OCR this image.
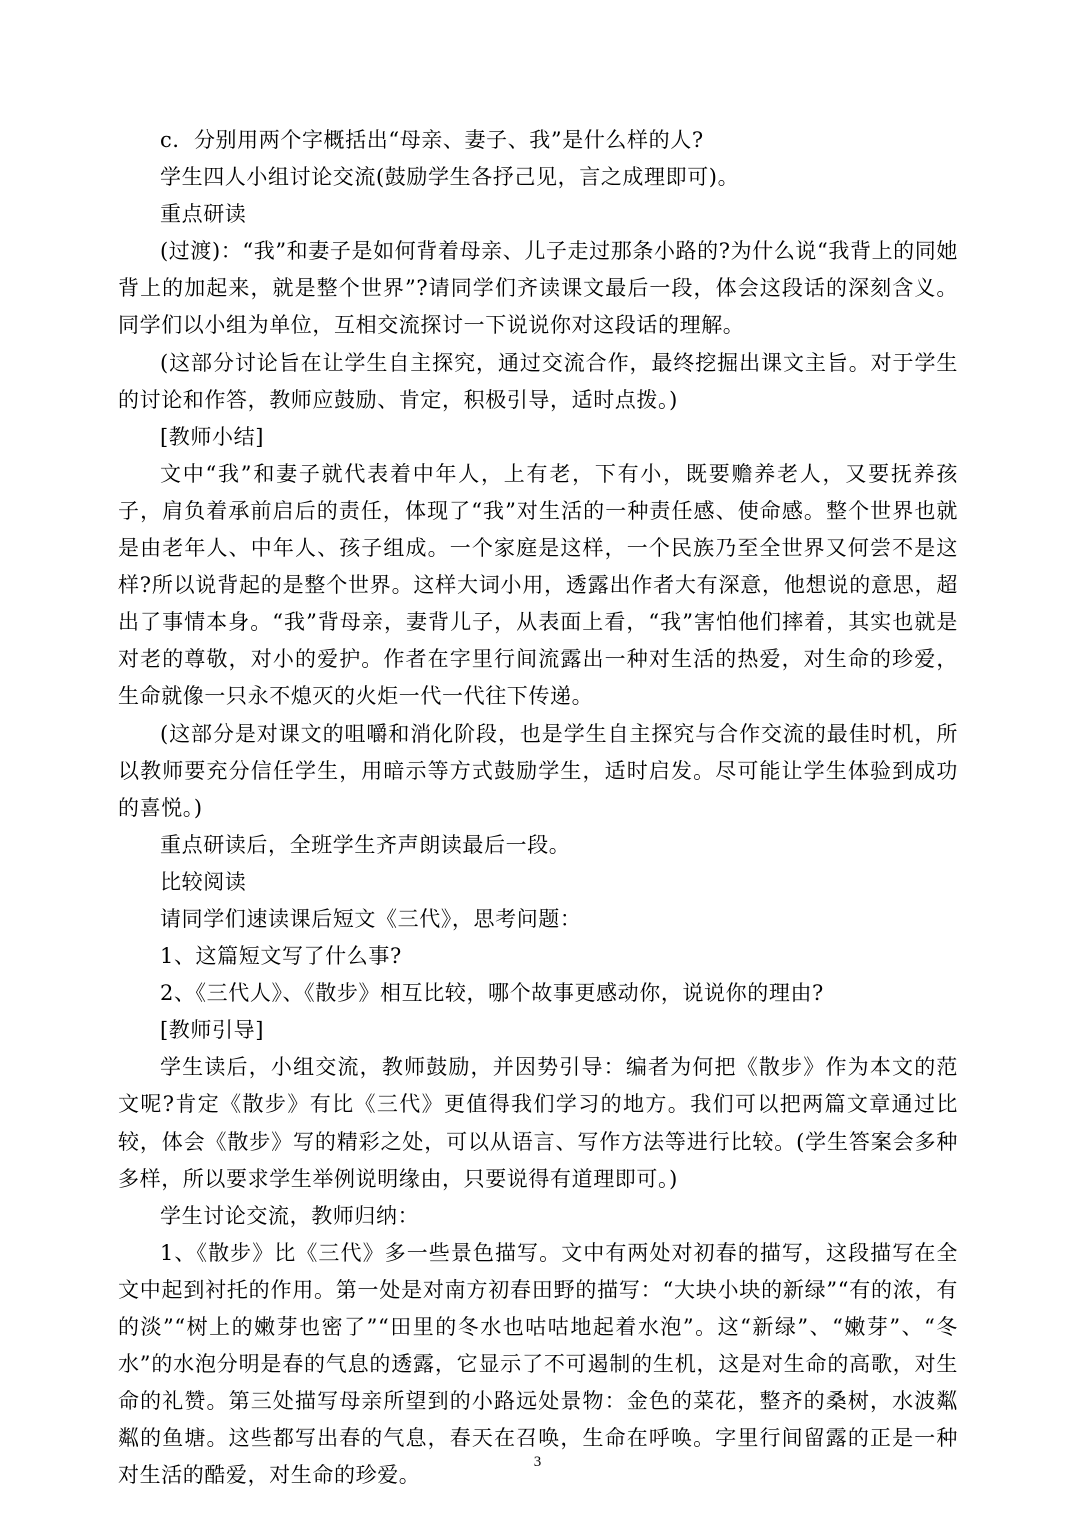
c．分别用两个字概括出“母亲、妻子、我”是什么样的人?

学生四人小组讨论交流(鼓励学生各抒己见，言之成理即可)。

重点研读

(过渡)：“我”和妻子是如何背着母亲、儿子走过那条小路的?为什么说“我背上的同她背上的加起来，就是整个世界”?请同学们齐读课文最后一段，体会这段话的深刻含义。同学们以小组为单位，互相交流探讨一下说说你对这段话的理解。

(这部分讨论旨在让学生自主探究，通过交流合作，最终挖掘出课文主旨。对于学生的讨论和作答，教师应鼓励、肯定，积极引导，适时点拨。)

[教师小结]

文中“我”和妻子就代表着中年人，上有老，下有小，既要赡养老人，又要抚养孩子，肩负着承前启后的责任，体现了“我”对生活的一种责任感、使命感。整个世界也就是由老年人、中年人、孩子组成。一个家庭是这样，一个民族乃至全世界又何尝不是这样?所以说背起的是整个世界。这样大词小用，透露出作者大有深意，他想说的意思，超出了事情本身。“我”背母亲，妻背儿子，从表面上看，“我”害怕他们摔着，其实也就是对老的尊敬，对小的爱护。作者在字里行间流露出一种对生活的热爱，对生命的珍爱，生命就像一只永不熄灭的火炬一代一代往下传递。

(这部分是对课文的咀嚼和消化阶段，也是学生自主探究与合作交流的最佳时机，所以教师要充分信任学生，用暗示等方式鼓励学生，适时启发。尽可能让学生体验到成功的喜悦。)

重点研读后，全班学生齐声朗读最后一段。

比较阅读

请同学们速读课后短文《三代》，思考问题：

1、这篇短文写了什么事?

2、《三代人》、《散步》相互比较，哪个故事更感动你，说说你的理由?

[教师引导]

学生读后，小组交流，教师鼓励，并因势引导：编者为何把《散步》作为本文的范文呢?肯定《散步》有比《三代》更值得我们学习的地方。我们可以把两篇文章通过比较，体会《散步》写的精彩之处，可以从语言、写作方法等进行比较。(学生答案会多种多样，所以要求学生举例说明缘由，只要说得有道理即可。)

学生讨论交流，教师归纳：

1、《散步》比《三代》多一些景色描写。文中有两处对初春的描写，这段描写在全文中起到衬托的作用。第一处是对南方初春田野的描写：“大块小块的新绿”“有的浓，有的淡”“树上的嫩芽也密了”“田里的冬水也咕咕地起着水泡”。这“新绿”、“嫩芽”、“冬水”的水泡分明是春的气息的透露，它显示了不可遏制的生机，这是对生命的高歌，对生命的礼赞。第三处描写母亲所望到的小路远处景物：金色的菜花，整齐的桑树，水波粼粼的鱼塘。这些都写出春的气息，春天在召唤，生命在呼唤。字里行间留露的正是一种对生活的酷爱，对生命的珍爱。

3
